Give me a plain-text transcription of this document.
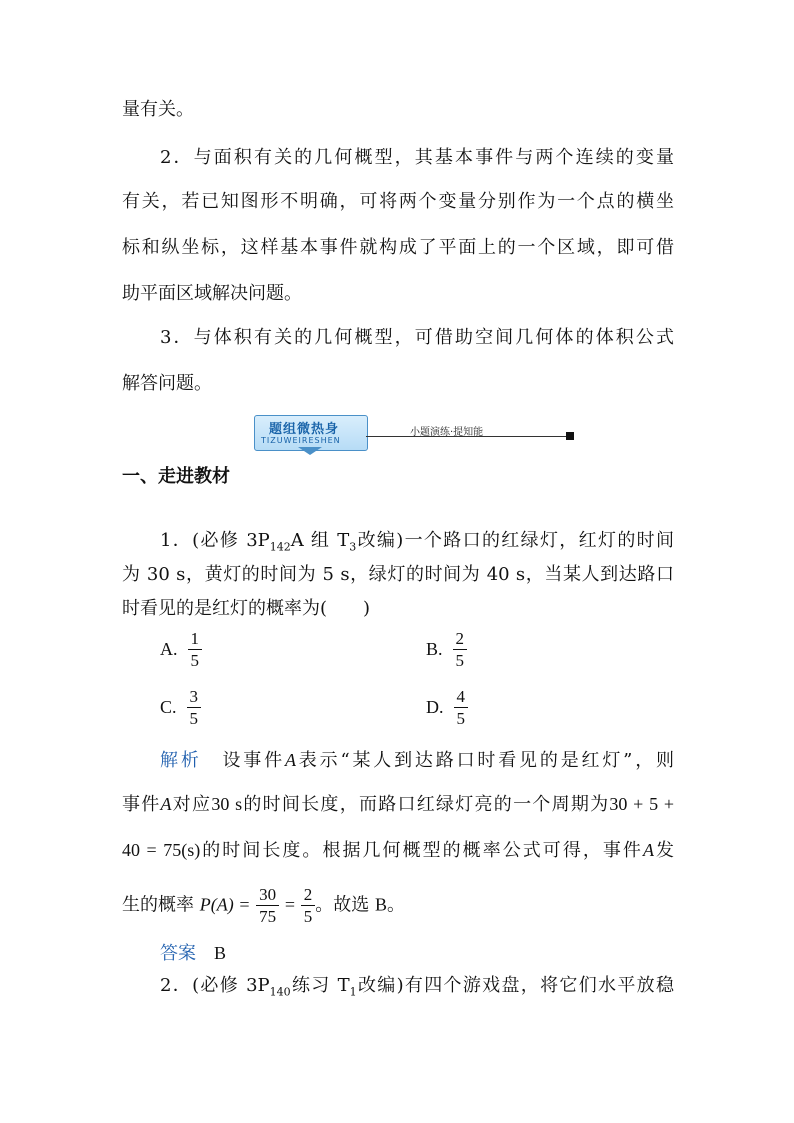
量有关。
2．与面积有关的几何概型，其基本事件与两个连续的变量
有关，若已知图形不明确，可将两个变量分别作为一个点的横坐
标和纵坐标，这样基本事件就构成了平面上的一个区域，即可借
助平面区域解决问题。
3．与体积有关的几何概型，可借助空间几何体的体积公式
解答问题。
题组微热身
TIZUWEIRESHEN
小题演练·提知能
一、走进教材
1．(必修 $3P_{142}A$ 组 $T_3$改编)一个路口的红绿灯，红灯的时间
为 30 s，黄灯的时间为 5 s，绿灯的时间为 40 s，当某人到达路口
时看见的是红灯的概率为(　　)
A. $\frac{1}{5}$	B. $\frac{2}{5}$
C. $\frac{3}{5}$	D. $\frac{4}{5}$
解析　 设事件A表示“某人到达路口时看见的是红灯”，则
事件A对应30 s的时间长度，而路口红绿灯亮的一个周期为30 + 5 +
40 = 75(s)的时间长度。根据几何概型的概率公式可得，事件A发
生的概率 $P(A) = \frac{30}{75} = \frac{2}{5}$ 。故选 B。
答案　 B
2．(必修 $3P_{140}$练习 $T_1$改编)有四个游戏盘，将它们水平放稳
